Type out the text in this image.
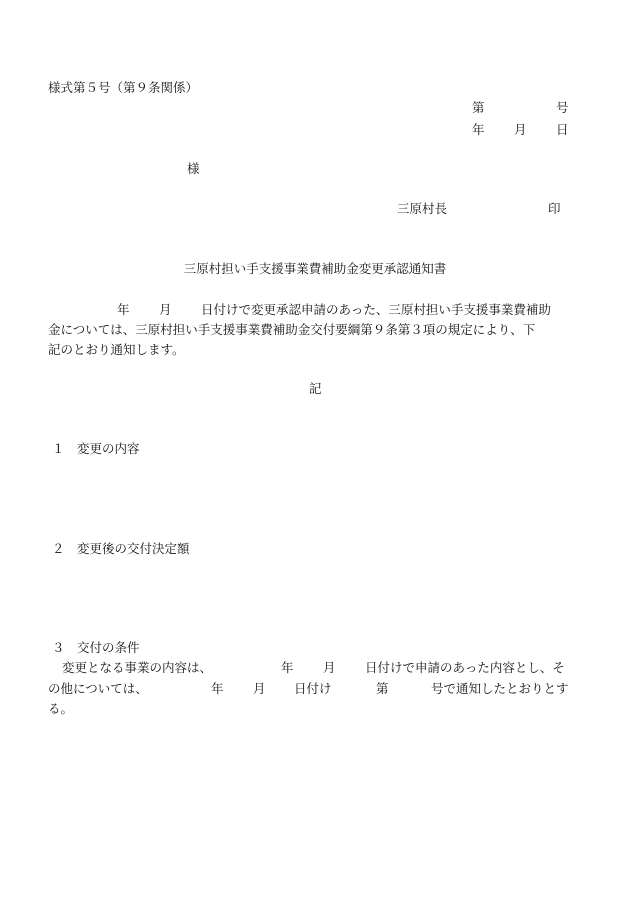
様式第５号（第９条関係）
第	号
年 月 日
様
三原村長	印
三原村担い手支援事業費補助金変更承認通知書
年 月 日付けで変更承認申請のあった、三原村担い手支援事業費補助
金については、三原村担い手支援事業費補助金交付要綱第９条第３項の規定により、下
記のとおり通知します。
記
１　変更の内容
２　変更後の交付決定額
３　交付の条件
変更となる事業の内容は、	年 月 日付けで申請のあった内容とし、そ
の他については、	年 月 日付け	第	号で通知したとおりとす
る。
